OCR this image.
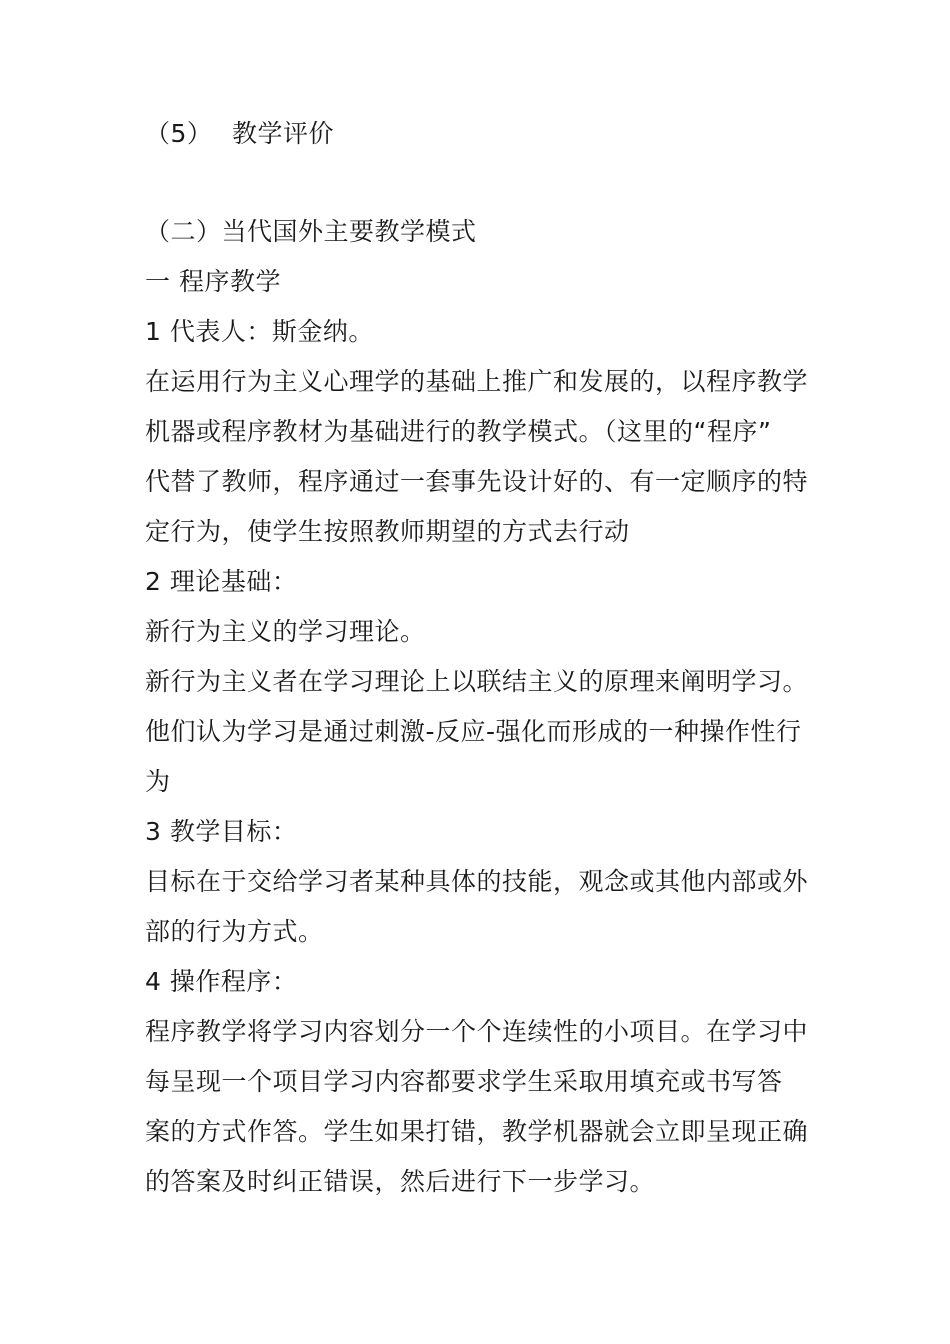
（5） 教学评价
（二）当代国外主要教学模式
一 程序教学
1 代表人：斯金纳。
在运用行为主义心理学的基础上推广和发展的，以程序教学
机器或程序教材为基础进行的教学模式。（这里的“程序”
代替了教师，程序通过一套事先设计好的、有一定顺序的特
定行为，使学生按照教师期望的方式去行动
2 理论基础：
新行为主义的学习理论。
新行为主义者在学习理论上以联结主义的原理来阐明学习。
他们认为学习是通过刺激-反应-强化而形成的一种操作性行
为
3 教学目标：
目标在于交给学习者某种具体的技能，观念或其他内部或外
部的行为方式。
4 操作程序：
程序教学将学习内容划分一个个连续性的小项目。在学习中
每呈现一个项目学习内容都要求学生采取用填充或书写答
案的方式作答。学生如果打错，教学机器就会立即呈现正确
的答案及时纠正错误，然后进行下一步学习。
